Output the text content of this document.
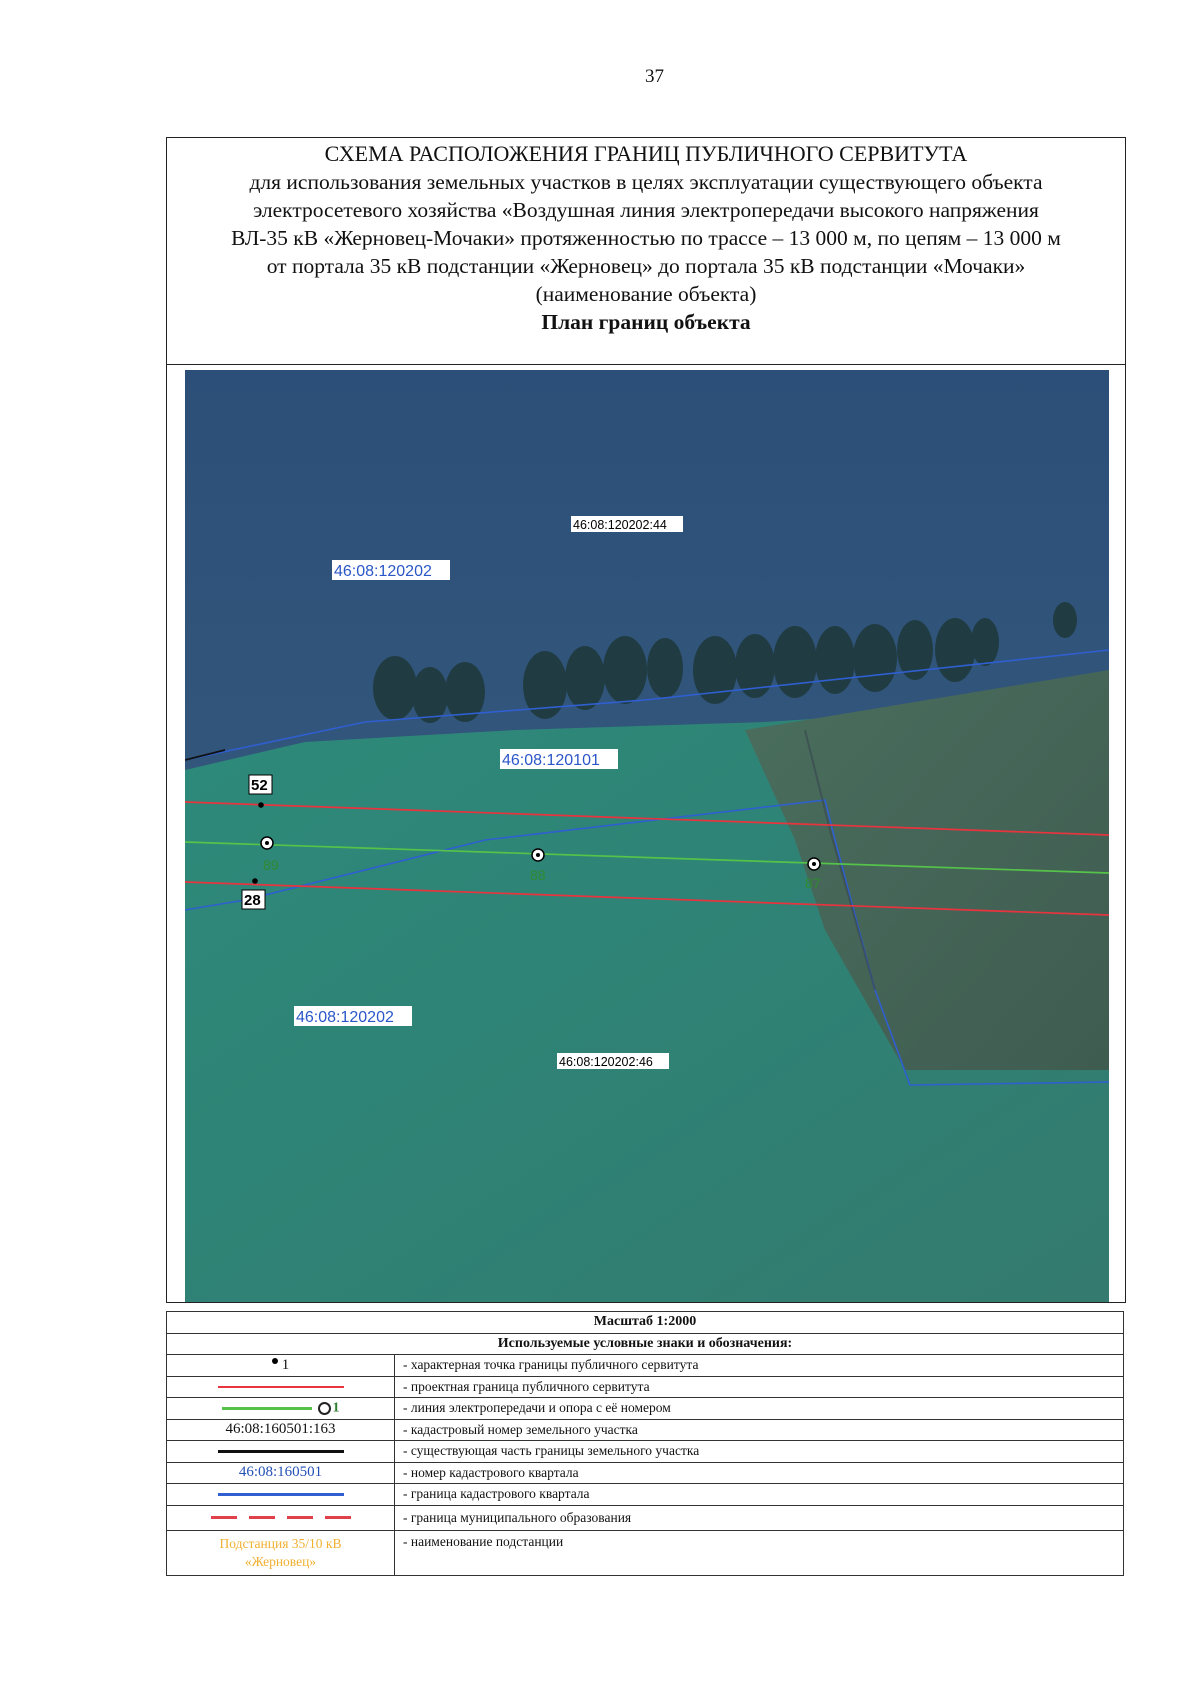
37
СХЕМА РАСПОЛОЖЕНИЯ ГРАНИЦ ПУБЛИЧНОГО СЕРВИТУТА
для использования земельных участков в целях эксплуатации существующего объекта
электросетевого хозяйства «Воздушная линия электропередачи высокого напряжения
ВЛ-35 кВ «Жерновец-Мочаки» протяженностью по трассе – 13 000 м, по цепям – 13 000 м
от портала 35 кВ подстанции «Жерновец» до портала 35 кВ подстанции «Мочаки»
(наименование объекта)
План границ объекта
89
88	87
52
28
46:08:120202:44
46:08:120202:46
46:08:120202
46:08:120101
46:08:120202
Масштаб 1:2000	
Используемые условные знаки и обозначения:	
1	- характерная точка границы публичного сервитута
	- проектная граница публичного сервитута
1	- линия электропередачи и опора с её номером
46:08:160501:163	- кадастровый номер земельного участка
	- существующая часть границы земельного участка
46:08:160501	- номер кадастрового квартала
	- граница кадастрового квартала
	- граница муниципального образования

Подстанция 35/10 кВ
«Жерновец»	- наименование подстанции
